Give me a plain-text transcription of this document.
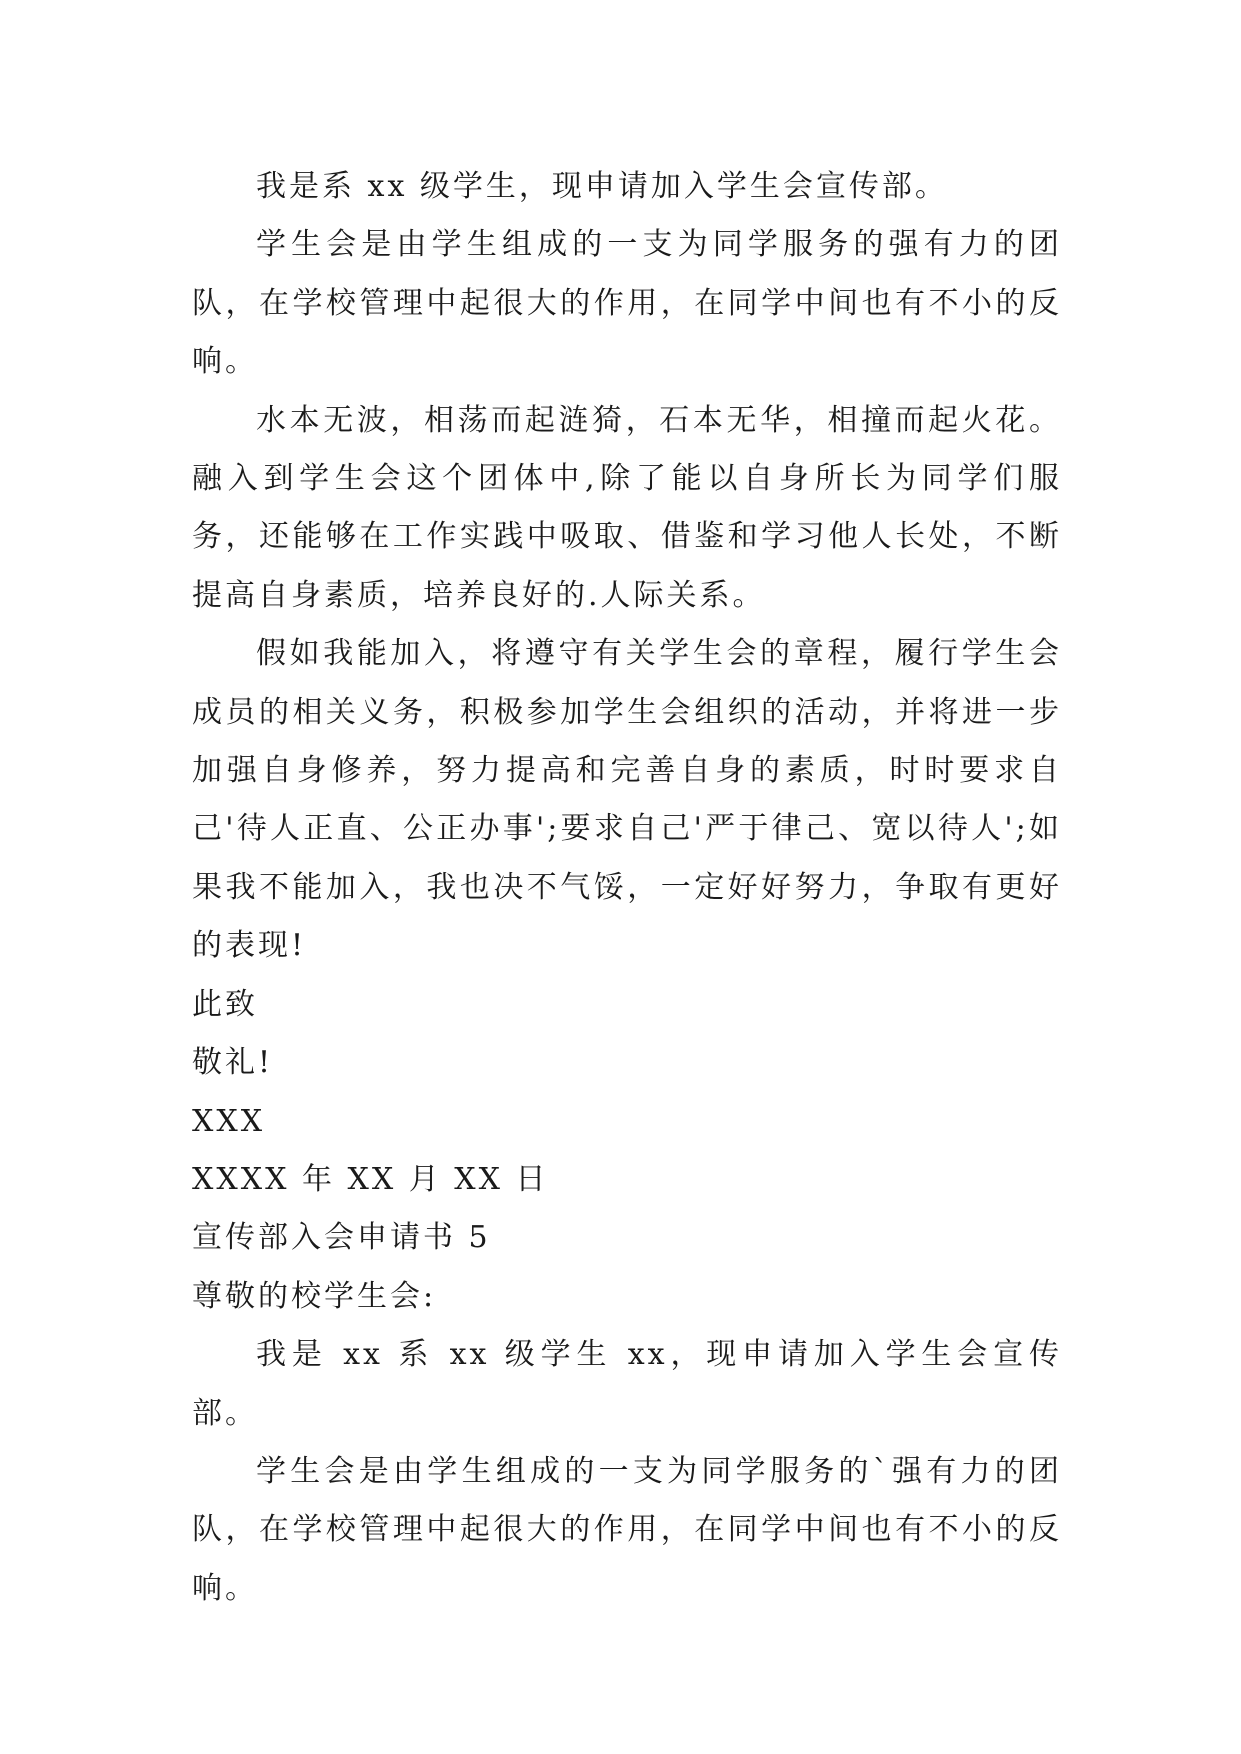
我是系 xx 级学生，现申请加入学生会宣传部。

学生会是由学生组成的一支为同学服务的强有力的团队，在学校管理中起很大的作用，在同学中间也有不小的反响。

水本无波，相荡而起涟猗，石本无华，相撞而起火花。融入到学生会这个团体中,除了能以自身所长为同学们服务，还能够在工作实践中吸取、借鉴和学习他人长处，不断提高自身素质，培养良好的.人际关系。

假如我能加入，将遵守有关学生会的章程，履行学生会成员的相关义务，积极参加学生会组织的活动，并将进一步加强自身修养，努力提高和完善自身的素质，时时要求自己'待人正直、公正办事';要求自己'严于律己、宽以待人';如果我不能加入，我也决不气馁，一定好好努力，争取有更好的表现!

此致

敬礼!

XXX

XXXX 年 XX 月 XX 日

宣传部入会申请书 5

尊敬的校学生会:

我是 xx 系 xx 级学生 xx，现申请加入学生会宣传部。

学生会是由学生组成的一支为同学服务的`强有力的团队，在学校管理中起很大的作用，在同学中间也有不小的反响。
